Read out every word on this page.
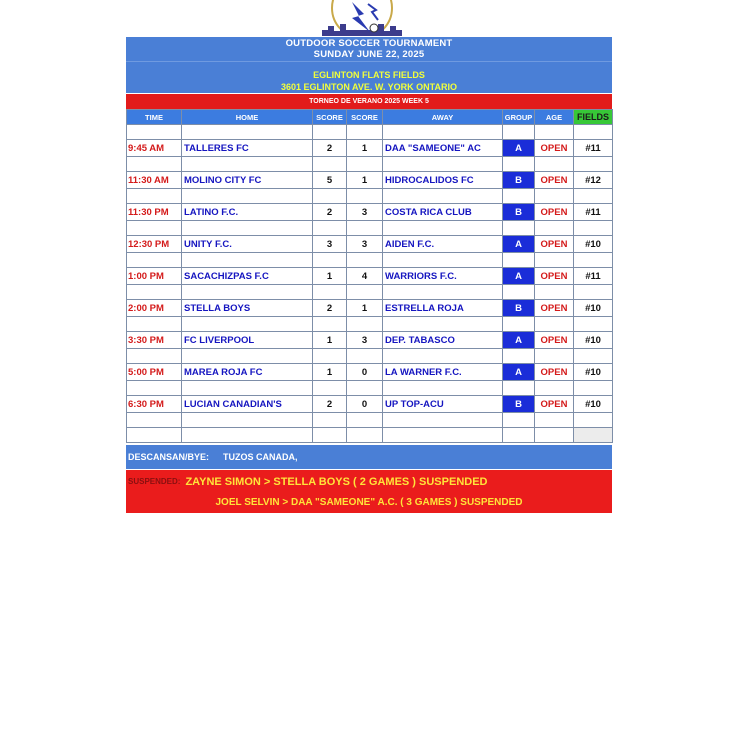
OUTDOOR SOCCER TOURNAMENT
SUNDAY JUNE 22, 2025
EGLINTON FLATS FIELDS
3601 EGLINTON AVE. W. YORK ONTARIO
TORNEO DE VERANO 2025 WEEK 5
TIME	HOME	SCORE	SCORE	AWAY	GROUP	AGE	FIELDS

9:45 AM	TALLERES FC	2	1	DAA "SAMEONE" AC	A	OPEN	#11

11:30 AM	MOLINO CITY FC	5	1	HIDROCALIDOS FC	B	OPEN	#12

11:30 PM	LATINO F.C.	2	3	COSTA RICA CLUB	B	OPEN	#11

12:30 PM	UNITY F.C.	3	3	AIDEN F.C.	A	OPEN	#10

1:00 PM	SACACHIZPAS F.C	1	4	WARRIORS F.C.	A	OPEN	#11

2:00 PM	STELLA BOYS	2	1	ESTRELLA ROJA	B	OPEN	#10

3:30 PM	FC LIVERPOOL	1	3	DEP. TABASCO	A	OPEN	#10

5:00 PM	MAREA ROJA FC	1	0	LA WARNER F.C.	A	OPEN	#10

6:30 PM	LUCIAN CANADIAN'S	2	0	UP TOP-ACU	B	OPEN	#10

DESCANSAN/BYE: TUZOS CANADA,
SUSPENDED: ZAYNE SIMON > STELLA BOYS ( 2 GAMES ) SUSPENDED
JOEL SELVIN > DAA "SAMEONE" A.C. ( 3 GAMES ) SUSPENDED
